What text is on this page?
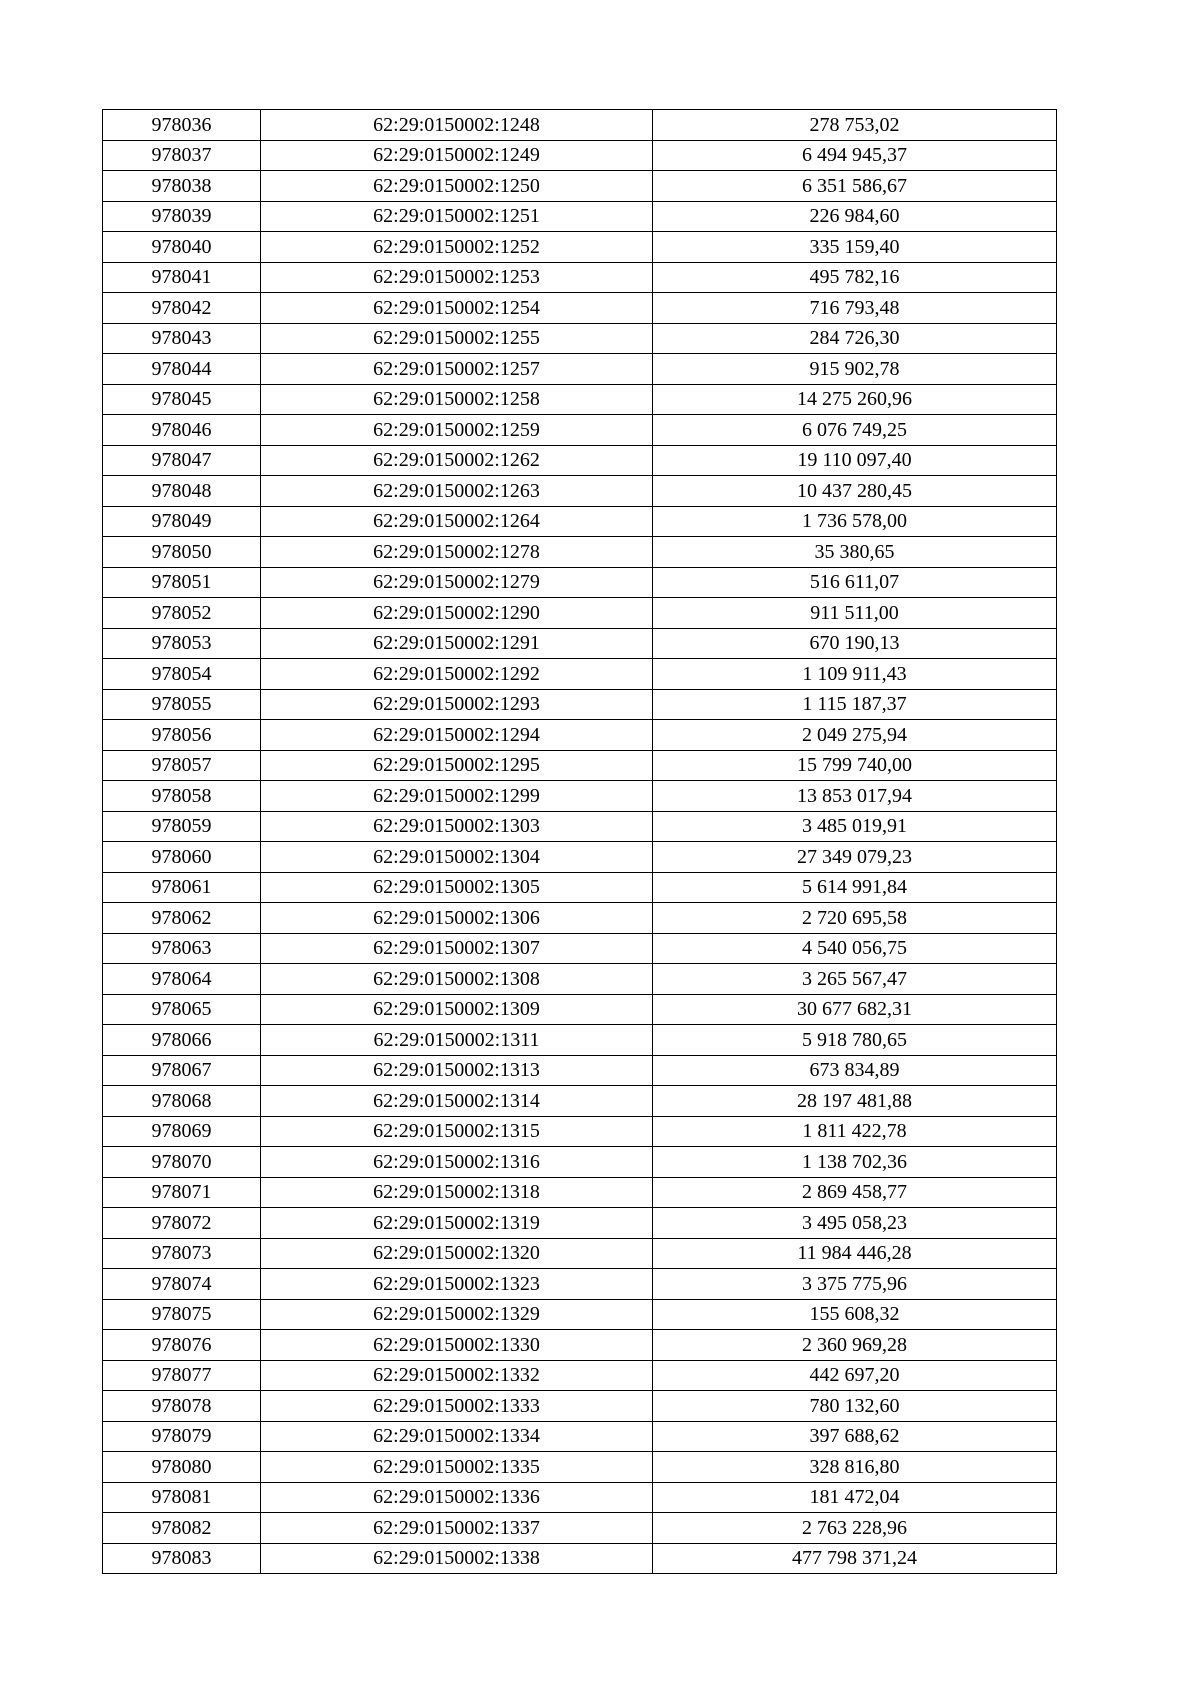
978036	62:29:0150002:1248	278 753,02
978037	62:29:0150002:1249	6 494 945,37
978038	62:29:0150002:1250	6 351 586,67
978039	62:29:0150002:1251	226 984,60
978040	62:29:0150002:1252	335 159,40
978041	62:29:0150002:1253	495 782,16
978042	62:29:0150002:1254	716 793,48
978043	62:29:0150002:1255	284 726,30
978044	62:29:0150002:1257	915 902,78
978045	62:29:0150002:1258	14 275 260,96
978046	62:29:0150002:1259	6 076 749,25
978047	62:29:0150002:1262	19 110 097,40
978048	62:29:0150002:1263	10 437 280,45
978049	62:29:0150002:1264	1 736 578,00
978050	62:29:0150002:1278	35 380,65
978051	62:29:0150002:1279	516 611,07
978052	62:29:0150002:1290	911 511,00
978053	62:29:0150002:1291	670 190,13
978054	62:29:0150002:1292	1 109 911,43
978055	62:29:0150002:1293	1 115 187,37
978056	62:29:0150002:1294	2 049 275,94
978057	62:29:0150002:1295	15 799 740,00
978058	62:29:0150002:1299	13 853 017,94
978059	62:29:0150002:1303	3 485 019,91
978060	62:29:0150002:1304	27 349 079,23
978061	62:29:0150002:1305	5 614 991,84
978062	62:29:0150002:1306	2 720 695,58
978063	62:29:0150002:1307	4 540 056,75
978064	62:29:0150002:1308	3 265 567,47
978065	62:29:0150002:1309	30 677 682,31
978066	62:29:0150002:1311	5 918 780,65
978067	62:29:0150002:1313	673 834,89
978068	62:29:0150002:1314	28 197 481,88
978069	62:29:0150002:1315	1 811 422,78
978070	62:29:0150002:1316	1 138 702,36
978071	62:29:0150002:1318	2 869 458,77
978072	62:29:0150002:1319	3 495 058,23
978073	62:29:0150002:1320	11 984 446,28
978074	62:29:0150002:1323	3 375 775,96
978075	62:29:0150002:1329	155 608,32
978076	62:29:0150002:1330	2 360 969,28
978077	62:29:0150002:1332	442 697,20
978078	62:29:0150002:1333	780 132,60
978079	62:29:0150002:1334	397 688,62
978080	62:29:0150002:1335	328 816,80
978081	62:29:0150002:1336	181 472,04
978082	62:29:0150002:1337	2 763 228,96
978083	62:29:0150002:1338	477 798 371,24
